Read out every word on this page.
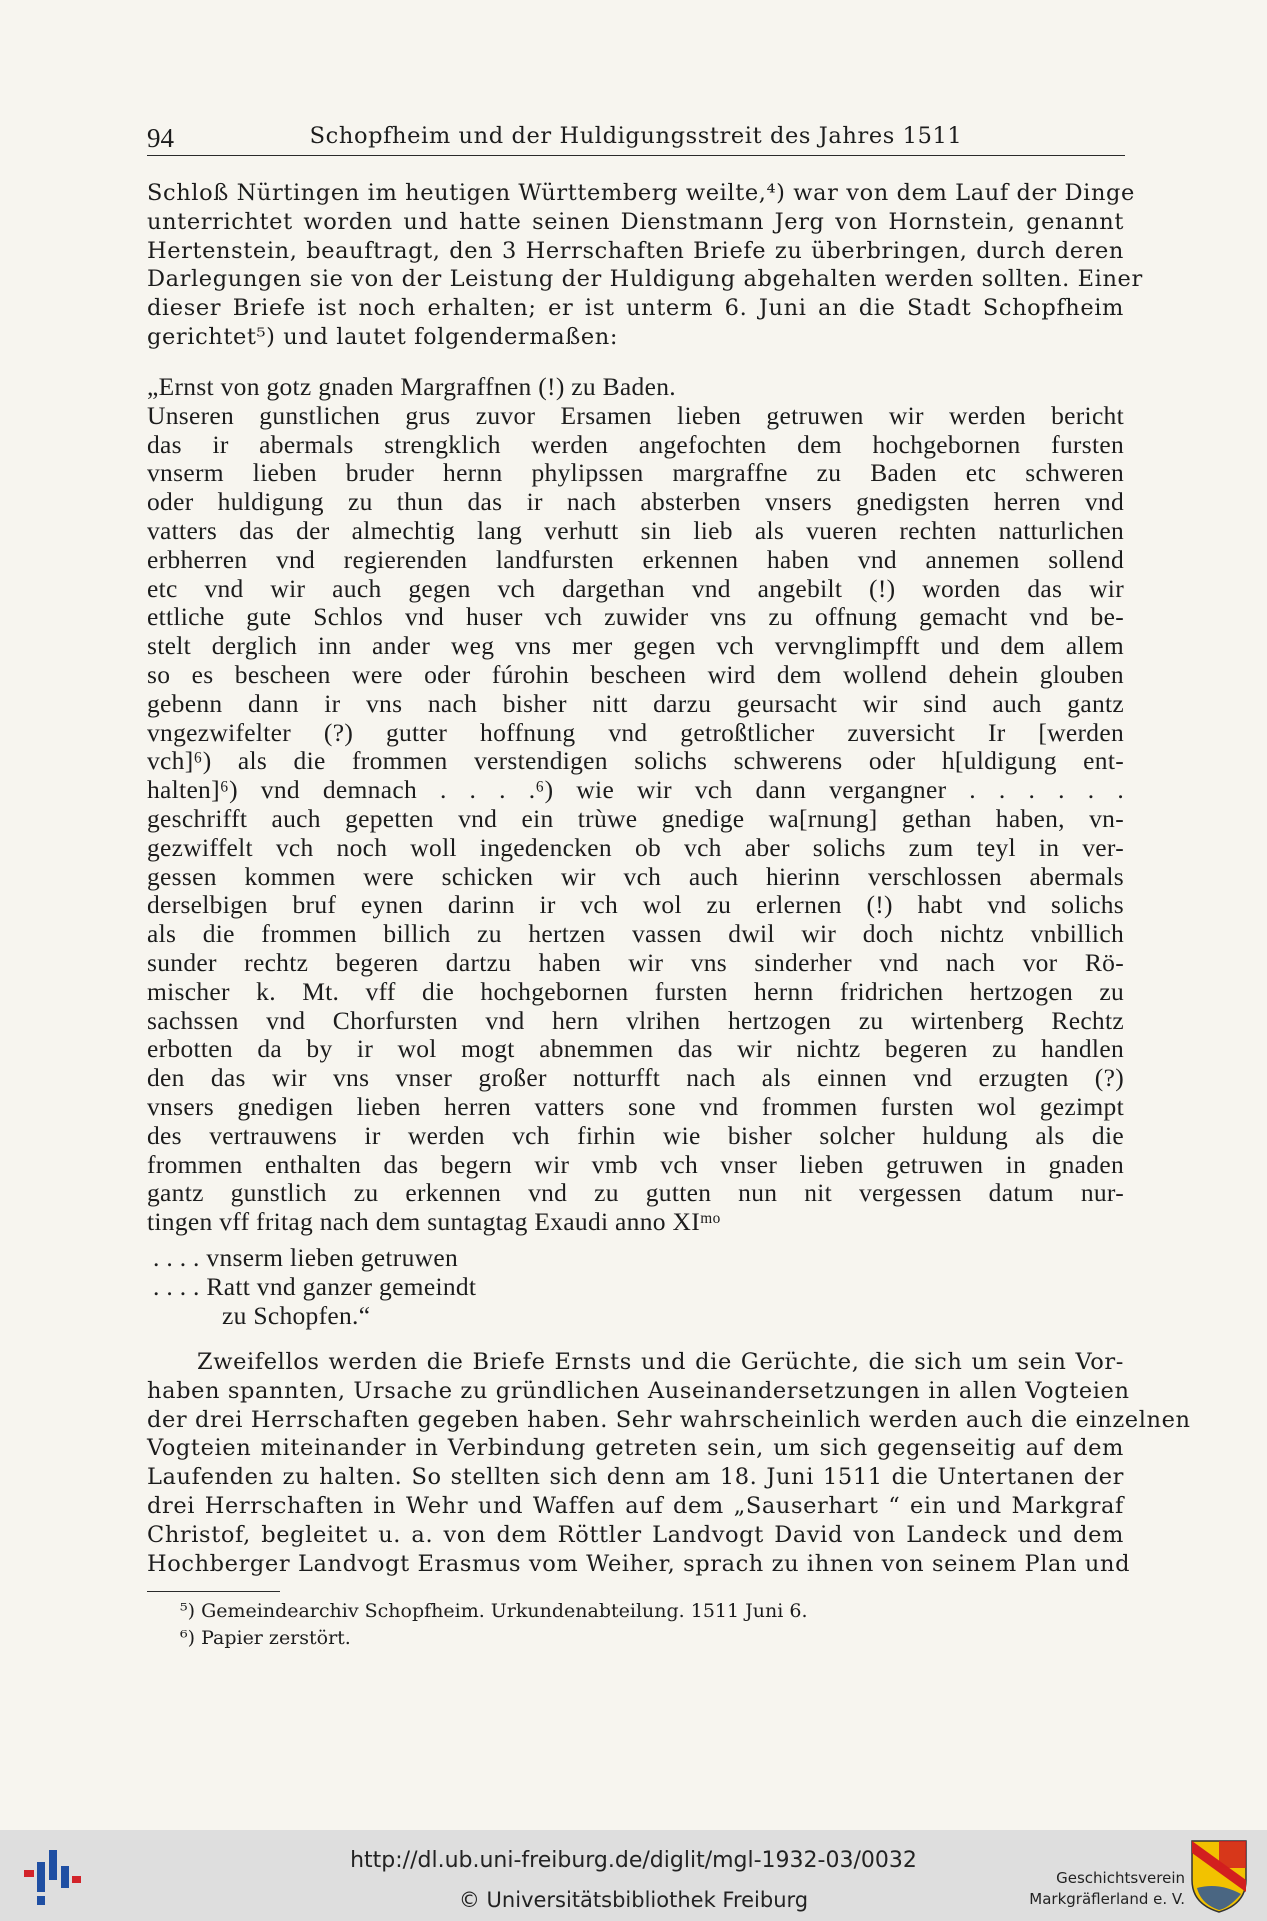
94	Schopfheim und der Huldigungsstreit des Jahres 1511
Schloß Nürtingen im heutigen Württemberg weilte,⁴) war von dem Lauf der Dinge
unterrichtet worden und hatte seinen Dienstmann Jerg von Hornstein, genannt
Hertenstein, beauftragt, den 3 Herrschaften Briefe zu überbringen, durch deren
Darlegungen sie von der Leistung der Huldigung abgehalten werden sollten. Einer
dieser Briefe ist noch erhalten; er ist unterm 6. Juni an die Stadt Schopfheim
gerichtet⁵) und lautet folgendermaßen:
„Ernst von gotz gnaden Margraffnen (!) zu Baden.
Unseren gunstlichen grus zuvor Ersamen lieben getruwen wir werden bericht
das ir abermals strengklich werden angefochten dem hochgebornen fursten
vnserm lieben bruder hernn phylipssen margraffne zu Baden etc schweren
oder huldigung zu thun das ir nach absterben vnsers gnedigsten herren vnd
vatters das der almechtig lang verhutt sin lieb als vueren rechten natturlichen
erbherren vnd regierenden landfursten erkennen haben vnd annemen sollend
etc vnd wir auch gegen vch dargethan vnd angebilt (!) worden das wir
ettliche gute Schlos vnd huser vch zuwider vns zu offnung gemacht vnd be-
stelt derglich inn ander weg vns mer gegen vch vervnglimpfft und dem allem
so es bescheen were oder fúrohin bescheen wird dem wollend dehein glouben
gebenn dann ir vns nach bisher nitt darzu geursacht wir sind auch gantz
vngezwifelter (?) gutter hoffnung vnd getroßtlicher zuversicht Ir [werden
vch]⁶) als die frommen verstendigen solichs schwerens oder h[uldigung ent-
halten]⁶) vnd demnach . . . .⁶) wie wir vch dann vergangner . . . . . .
geschrifft auch gepetten vnd ein trùwe gnedige wa[rnung] gethan haben, vn-
gezwiffelt vch noch woll ingedencken ob vch aber solichs zum teyl in ver-
gessen kommen were schicken wir vch auch hierinn verschlossen abermals
derselbigen bruf eynen darinn ir vch wol zu erlernen (!) habt vnd solichs
als die frommen billich zu hertzen vassen dwil wir doch nichtz vnbillich
sunder rechtz begeren dartzu haben wir vns sinderher vnd nach vor Rö-
mischer k. Mt. vff die hochgebornen fursten hernn fridrichen hertzogen zu
sachssen vnd Chorfursten vnd hern vlrihen hertzogen zu wirtenberg Rechtz
erbotten da by ir wol mogt abnemmen das wir nichtz begeren zu handlen
den das wir vns vnser großer notturfft nach als einnen vnd erzugten (?)
vnsers gnedigen lieben herren vatters sone vnd frommen fursten wol gezimpt
des vertrauwens ir werden vch firhin wie bisher solcher huldung als die
frommen enthalten das begern wir vmb vch vnser lieben getruwen in gnaden
gantz gunstlich zu erkennen vnd zu gutten nun nit vergessen datum nur-
tingen vff fritag nach dem suntagtag Exaudi anno XIᵐᵒ
. . . . vnserm lieben getruwen
. . . . Ratt vnd ganzer gemeindt
zu Schopfen.“
Zweifellos werden die Briefe Ernsts und die Gerüchte, die sich um sein Vor-
haben spannten, Ursache zu gründlichen Auseinandersetzungen in allen Vogteien
der drei Herrschaften gegeben haben. Sehr wahrscheinlich werden auch die einzelnen
Vogteien miteinander in Verbindung getreten sein, um sich gegenseitig auf dem
Laufenden zu halten. So stellten sich denn am 18. Juni 1511 die Untertanen der
drei Herrschaften in Wehr und Waffen auf dem „Sauserhart “ ein und Markgraf
Christof, begleitet u. a. von dem Röttler Landvogt David von Landeck und dem
Hochberger Landvogt Erasmus vom Weiher, sprach zu ihnen von seinem Plan und
⁵) Gemeindearchiv Schopfheim. Urkundenabteilung. 1511 Juni 6.
⁶) Papier zerstört.
http://dl.ub.uni-freiburg.de/diglit/mgl-1932-03/0032
© Universitätsbibliothek Freiburg
Geschichtsverein
Markgräflerland e. V.
